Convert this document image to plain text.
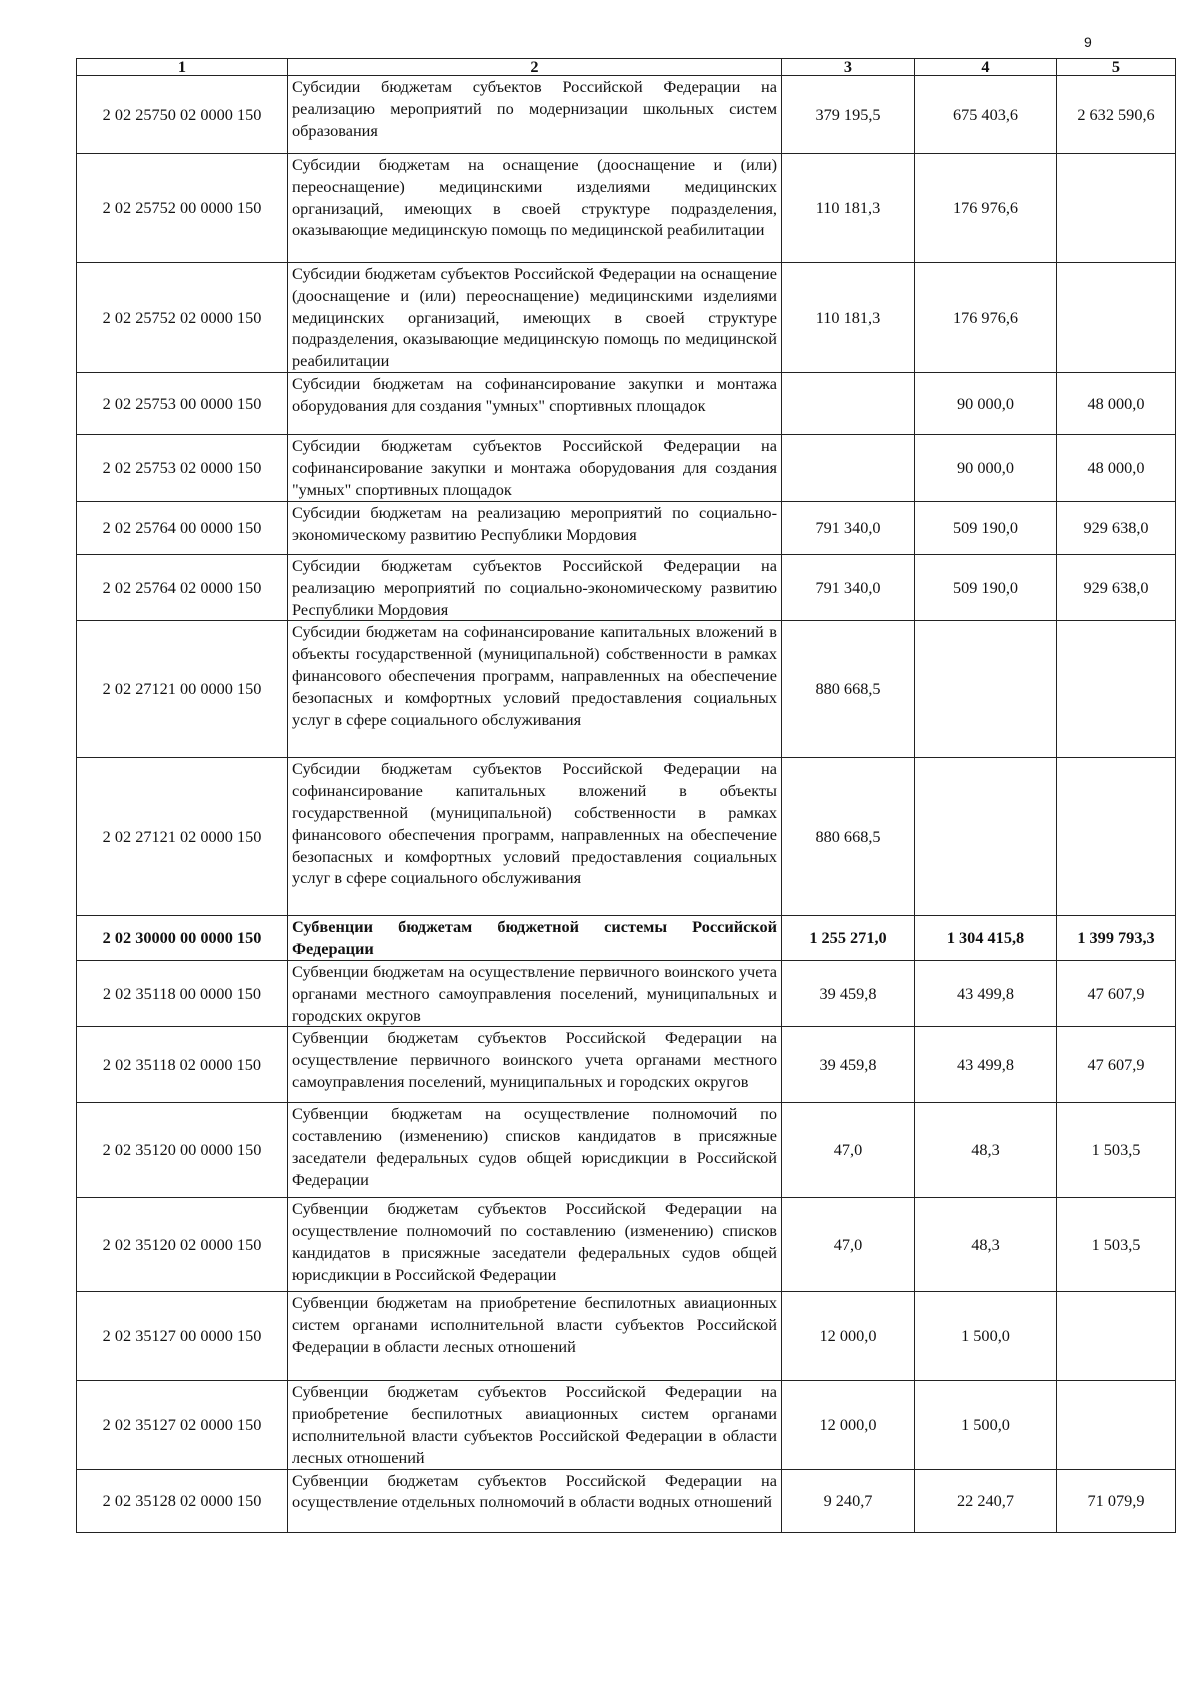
9
1	2	3	4	5
2 02 25750 02 0000 150	Субсидии бюджетам субъектов Российской Федерации на реализацию мероприятий по модернизации школьных систем образования	379 195,5	675 403,6	2 632 590,6
2 02 25752 00 0000 150	Субсидии бюджетам на оснащение (дооснащение и (или) переоснащение) медицинскими изделиями медицинских организаций, имеющих в своей структуре подразделения, оказывающие медицинскую помощь по медицинской реабилитации	110 181,3	176 976,6	
2 02 25752 02 0000 150	Субсидии бюджетам субъектов Российской Федерации на оснащение (дооснащение и (или) переоснащение) медицинскими изделиями медицинских организаций, имеющих в своей структуре подразделения, оказывающие медицинскую помощь по медицинской реабилитации	110 181,3	176 976,6	
2 02 25753 00 0000 150	Субсидии бюджетам на софинансирование закупки и монтажа оборудования для создания "умных" спортивных площадок		90 000,0	48 000,0
2 02 25753 02 0000 150	Субсидии бюджетам субъектов Российской Федерации на софинансирование закупки и монтажа оборудования для создания "умных" спортивных площадок		90 000,0	48 000,0
2 02 25764 00 0000 150	Субсидии бюджетам на реализацию мероприятий по социально-экономическому развитию Республики Мордовия	791 340,0	509 190,0	929 638,0
2 02 25764 02 0000 150	Субсидии бюджетам субъектов Российской Федерации на реализацию мероприятий по социально-экономическому развитию Республики Мордовия	791 340,0	509 190,0	929 638,0
2 02 27121 00 0000 150	Субсидии бюджетам на софинансирование капитальных вложений в объекты государственной (муниципальной) собственности в рамках финансового обеспечения программ, направленных на обеспечение безопасных и комфортных условий предоставления социальных услуг в сфере социального обслуживания	880 668,5		
2 02 27121 02 0000 150	Субсидии бюджетам субъектов Российской Федерации на софинансирование капитальных вложений в объекты государственной (муниципальной) собственности в рамках финансового обеспечения программ, направленных на обеспечение безопасных и комфортных условий предоставления социальных услуг в сфере социального обслуживания	880 668,5		
2 02 30000 00 0000 150	Субвенции бюджетам бюджетной системы Российской Федерации	1 255 271,0	1 304 415,8	1 399 793,3
2 02 35118 00 0000 150	Субвенции бюджетам на осуществление первичного воинского учета органами местного самоуправления поселений, муниципальных и городских округов	39 459,8	43 499,8	47 607,9
2 02 35118 02 0000 150	Субвенции бюджетам субъектов Российской Федерации на осуществление первичного воинского учета органами местного самоуправления поселений, муниципальных и городских округов	39 459,8	43 499,8	47 607,9
2 02 35120 00 0000 150	Субвенции бюджетам на осуществление полномочий по составлению (изменению) списков кандидатов в присяжные заседатели федеральных судов общей юрисдикции в Российской Федерации	47,0	48,3	1 503,5
2 02 35120 02 0000 150	Субвенции бюджетам субъектов Российской Федерации на осуществление полномочий по составлению (изменению) списков кандидатов в присяжные заседатели федеральных судов общей юрисдикции в Российской Федерации	47,0	48,3	1 503,5
2 02 35127 00 0000 150	Субвенции бюджетам на приобретение беспилотных авиационных систем органами исполнительной власти субъектов Российской Федерации в области лесных отношений	12 000,0	1 500,0	
2 02 35127 02 0000 150	Субвенции бюджетам субъектов Российской Федерации на приобретение беспилотных авиационных систем органами исполнительной власти субъектов Российской Федерации в области лесных отношений	12 000,0	1 500,0	
2 02 35128 02 0000 150	Субвенции бюджетам субъектов Российской Федерации на осуществление отдельных полномочий в области водных отношений	9 240,7	22 240,7	71 079,9
